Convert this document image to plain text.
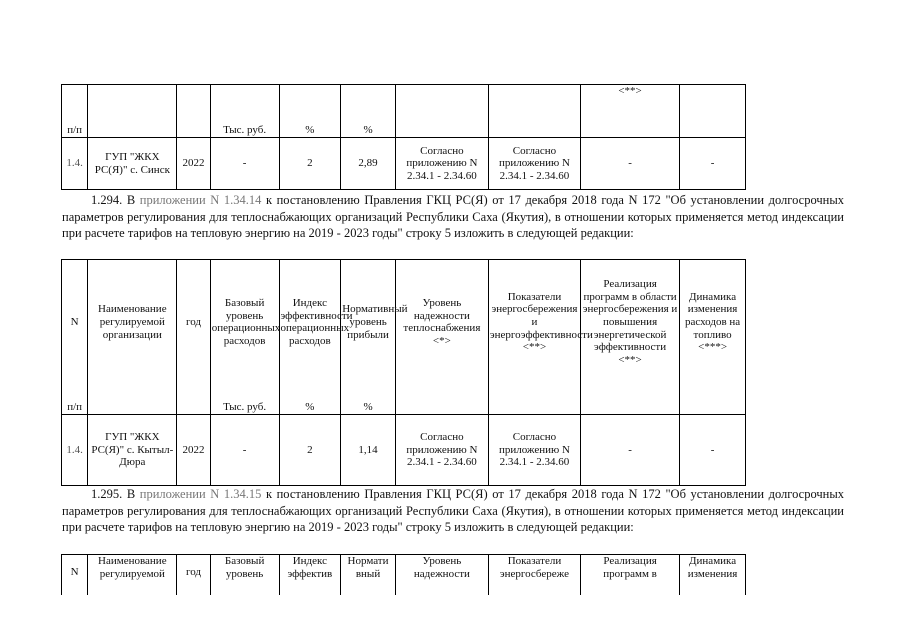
								<**>	
п/п			Тыс. руб.	%	%				
1.4.	ГУП "ЖКХ РС(Я)" с. Синск	2022	-	2	2,89	Согласно приложению N 2.34.1 - 2.34.60	Согласно приложению N 2.34.1 - 2.34.60	-	-
1.294. В приложении N 1.34.14 к постановлению Правления ГКЦ РС(Я) от 17 декабря 2018 года N 172 "Об установлении долгосрочных параметров регулирования для теплоснабжающих организаций Республики Саха (Якутия), в отношении которых применяется метод индексации при расчете тарифов на тепловую энергию на 2019 - 2023 годы" строку 5 изложить в следующей редакции:
N	Наименование регулируемой организации	год	Базовый уровень операционных расходов	Индекс эффективности операционных расходов	Нормативный уровень прибыли	Уровень надежности теплоснабжения <*>	Показатели энергосбережения и энергоэффективности <**>	Реализация программ в области энергосбережения и повышения энергетической эффективности <**>	Динамика изменения расходов на топливо <***>
п/п			Тыс. руб.	%	%				
1.4.	ГУП "ЖКХ РС(Я)" с. Кытыл-Дюра	2022	-	2	1,14	Согласно приложению N 2.34.1 - 2.34.60	Согласно приложению N 2.34.1 - 2.34.60	-	-
1.295. В приложении N 1.34.15 к постановлению Правления ГКЦ РС(Я) от 17 декабря 2018 года N 172 "Об установлении долгосрочных параметров регулирования для теплоснабжающих организаций Республики Саха (Якутия), в отношении которых применяется метод индексации при расчете тарифов на тепловую энергию на 2019 - 2023 годы" строку 5 изложить в следующей редакции:
N	Наименование регулируемой	год	Базовый уровень	Индекс эффектив	Нормати вный	Уровень надежности	Показатели энергосбереже	Реализация программ в	Динамика изменения
